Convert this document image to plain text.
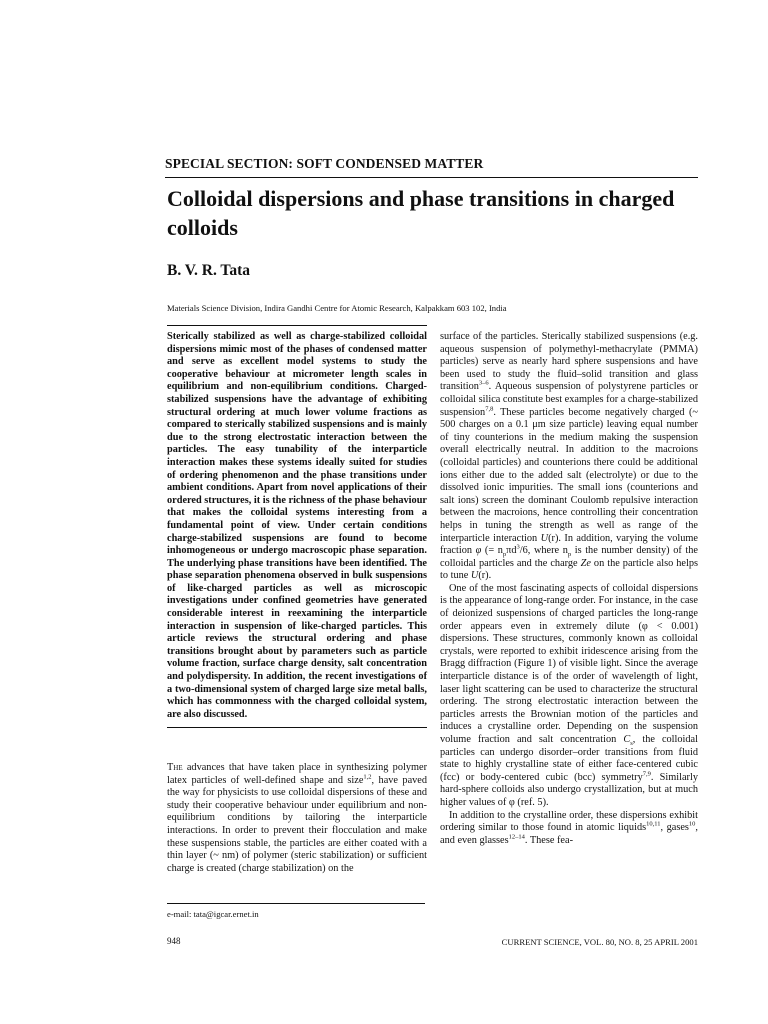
SPECIAL SECTION: SOFT CONDENSED MATTER
Colloidal dispersions and phase transitions in charged colloids
B. V. R. Tata
Materials Science Division, Indira Gandhi Centre for Atomic Research, Kalpakkam 603 102, India

Sterically stabilized as well as charge-stabilized colloidal dispersions mimic most of the phases of condensed matter and serve as excellent model systems to study the cooperative behaviour at micrometer length scales in equilibrium and non-equilibrium conditions. Charged-stabilized suspensions have the advantage of exhibiting structural ordering at much lower volume fractions as compared to sterically stabilized suspensions and is mainly due to the strong electrostatic interaction between the particles. The easy tunability of the interparticle interaction makes these systems ideally suited for studies of ordering phenomenon and the phase transitions under ambient conditions. Apart from novel applications of their ordered structures, it is the richness of the phase behaviour that makes the colloidal systems interesting from a fundamental point of view. Under certain conditions charge-stabilized suspensions are found to become inhomogeneous or undergo macroscopic phase separation. The underlying phase transitions have been identified. The phase separation phenomena observed in bulk suspensions of like-charged particles as well as microscopic investigations under confined geometries have generated considerable interest in reexamining the interparticle interaction in suspension of like-charged particles. This article reviews the structural ordering and phase transitions brought about by parameters such as particle volume fraction, surface charge density, salt concentration and polydispersity. In addition, the recent investigations of a two-dimensional system of charged large size metal balls, which has commonness with the charged colloidal system, are also discussed.

The advances that have taken place in synthesizing polymer latex particles of well-defined shape and size$^{1,2}$, have paved the way for physicists to use colloidal dispersions of these and study their cooperative behaviour under equilibrium and non-equilibrium conditions by tailoring the interparticle interactions. In order to prevent their flocculation and make these suspensions stable, the particles are either coated with a thin layer (~ nm) of polymer (steric stabilization) or sufficient charge is created (charge stabilization) on the

e-mail: tata@igcar.ernet.in

surface of the particles. Sterically stabilized suspensions (e.g. aqueous suspension of polymethyl-methacrylate (PMMA) particles) serve as nearly hard sphere suspensions and have been used to study the fluid–solid transition and glass transition$^{3-6}$. Aqueous suspension of polystyrene particles or colloidal silica constitute best examples for a charge-stabilized suspension$^{7,8}$. These particles become negatively charged (~ 500 charges on a 0.1 μm size particle) leaving equal number of tiny counterions in the medium making the suspension overall electrically neutral. In addition to the macroions (colloidal particles) and counterions there could be additional ions either due to the added salt (electrolyte) or due to the dissolved ionic impurities. The small ions (counterions and salt ions) screen the dominant Coulomb repulsive interaction between the macroions, hence controlling their concentration helps in tuning the strength as well as range of the interparticle interaction U(r). In addition, varying the volume fraction φ (= $n_p\pi d^3/6$, where $n_p$ is the number density) of the colloidal particles and the charge Ze on the particle also helps to tune U(r).

One of the most fascinating aspects of colloidal dispersions is the appearance of long-range order. For instance, in the case of deionized suspensions of charged particles the long-range order appears even in extremely dilute (φ < 0.001) dispersions. These structures, commonly known as colloidal crystals, were reported to exhibit iridescence arising from the Bragg diffraction (Figure 1) of visible light. Since the average interparticle distance is of the order of wavelength of light, laser light scattering can be used to characterize the structural ordering. The strong electrostatic interaction between the particles arrests the Brownian motion of the particles and induces a crystalline order. Depending on the suspension volume fraction and salt concentration $C_s$, the colloidal particles can undergo disorder–order transitions from fluid state to highly crystalline state of either face-centered cubic (fcc) or body-centered cubic (bcc) symmetry$^{7,9}$. Similarly hard-sphere colloids also undergo crystallization, but at much higher values of φ (ref. 5).

In addition to the crystalline order, these dispersions exhibit ordering similar to those found in atomic liquids$^{10,11}$, gases$^{10}$, and even glasses$^{12-14}$. These fea-

948	CURRENT SCIENCE, VOL. 80, NO. 8, 25 APRIL 2001
